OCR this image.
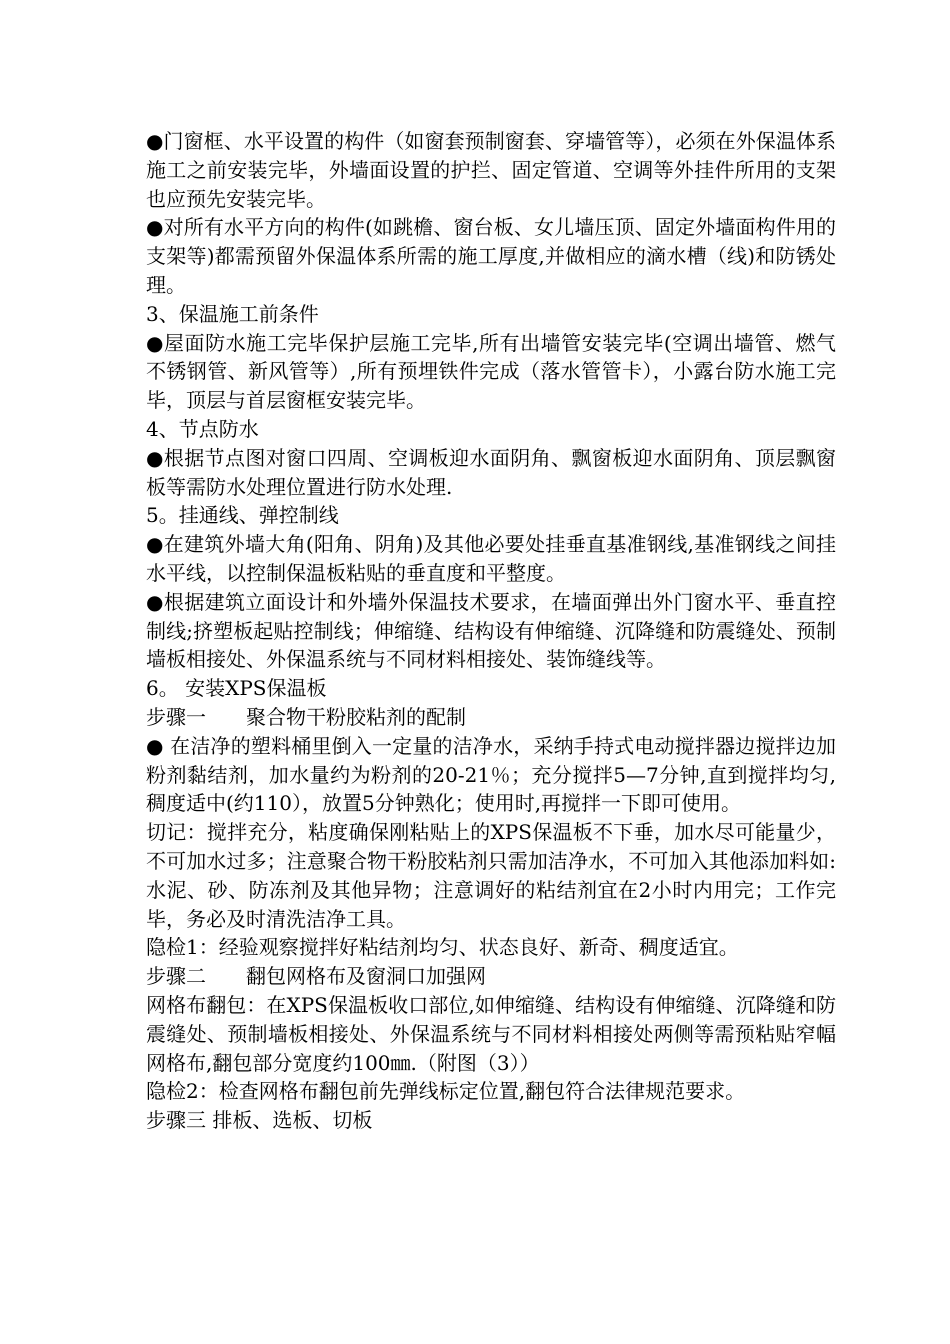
●门窗框、水平设置的构件（如窗套预制窗套、穿墙管等），必须在外保温体系施工之前安装完毕，外墙面设置的护拦、固定管道、空调等外挂件所用的支架也应预先安装完毕。

●对所有水平方向的构件(如跳檐、窗台板、女儿墙压顶、固定外墙面构件用的支架等)都需预留外保温体系所需的施工厚度,并做相应的滴水槽（线)和防锈处理。

3、保温施工前条件

●屋面防水施工完毕保护层施工完毕,所有出墙管安装完毕(空调出墙管、燃气不锈钢管、新风管等）,所有预埋铁件完成（落水管管卡），小露台防水施工完毕，顶层与首层窗框安装完毕。

4、节点防水

●根据节点图对窗口四周、空调板迎水面阴角、飘窗板迎水面阴角、顶层飘窗板等需防水处理位置进行防水处理.

5。挂通线、弹控制线

●在建筑外墙大角(阳角、阴角)及其他必要处挂垂直基准钢线,基准钢线之间挂水平线，以控制保温板粘贴的垂直度和平整度。

●根据建筑立面设计和外墙外保温技术要求，在墙面弹出外门窗水平、垂直控制线;挤塑板起贴控制线；伸缩缝、结构设有伸缩缝、沉降缝和防震缝处、预制墙板相接处、外保温系统与不同材料相接处、装饰缝线等。

6。 安装XPS保温板

步骤一　　聚合物干粉胶粘剂的配制

● 在洁净的塑料桶里倒入一定量的洁净水，采纳手持式电动搅拌器边搅拌边加粉剂黏结剂，加水量约为粉剂的20-21％；充分搅拌5—7分钟,直到搅拌均匀,稠度适中(约110），放置5分钟熟化；使用时,再搅拌一下即可使用。

切记：搅拌充分，粘度确保刚粘贴上的XPS保温板不下垂，加水尽可能量少，不可加水过多；注意聚合物干粉胶粘剂只需加洁净水，不可加入其他添加料如:水泥、砂、防冻剂及其他异物；注意调好的粘结剂宜在2小时内用完；工作完毕，务必及时清洗洁净工具。

隐检1：经验观察搅拌好粘结剂均匀、状态良好、新奇、稠度适宜。

步骤二　　翻包网格布及窗洞口加强网

网格布翻包：在XPS保温板收口部位,如伸缩缝、结构设有伸缩缝、沉降缝和防震缝处、预制墙板相接处、外保温系统与不同材料相接处两侧等需预粘贴窄幅网格布,翻包部分宽度约100㎜.（附图（3））

隐检2：检查网格布翻包前先弹线标定位置,翻包符合法律规范要求。

步骤三 排板、选板、切板
